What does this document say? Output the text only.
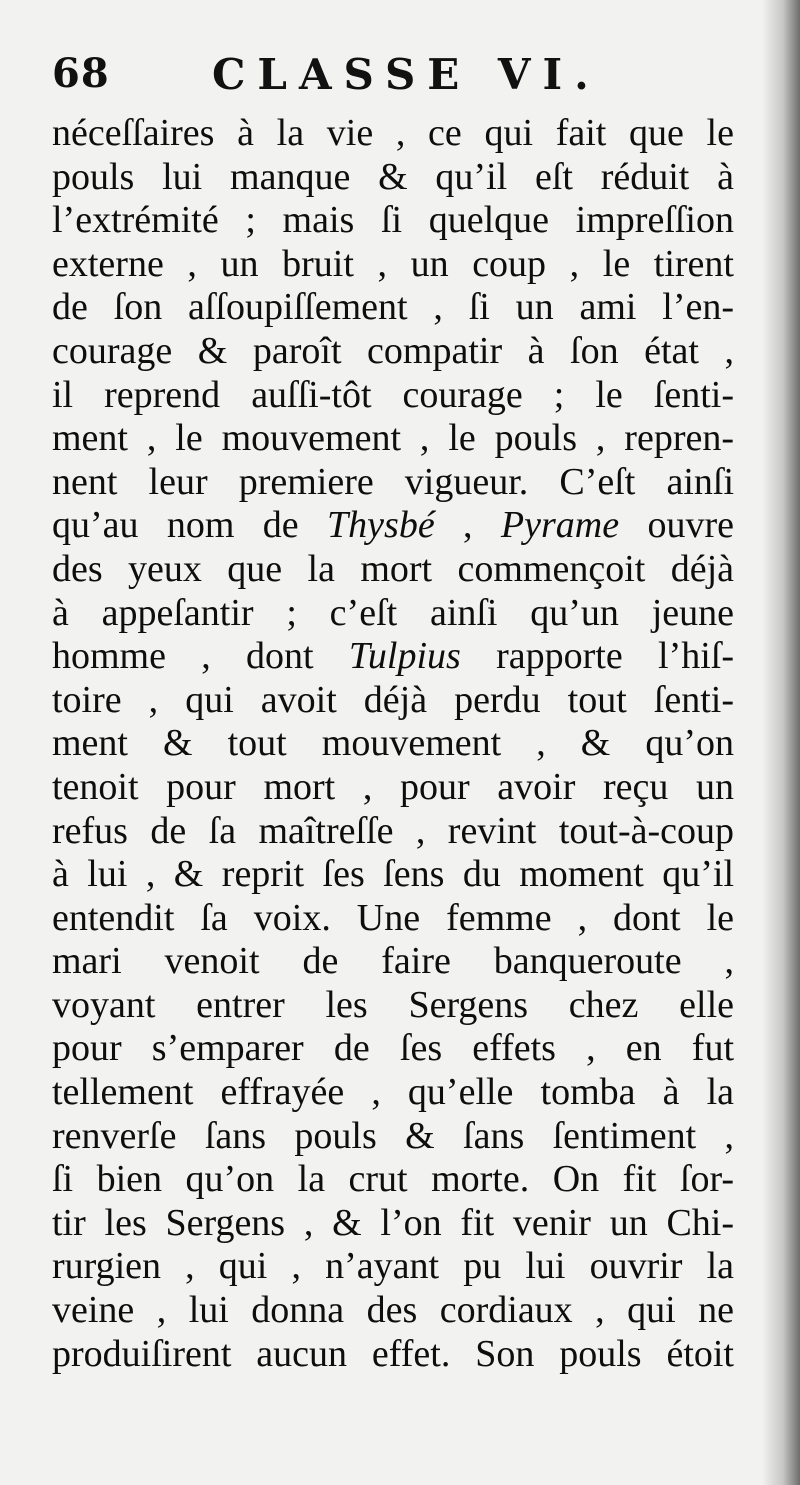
68 CLASSE VI.
néceſſaires à la vie , ce qui fait que le
pouls lui manque & qu’il eſt réduit à
l’extrémité ; mais ſi quelque impreſſion
externe , un bruit , un coup , le tirent
de ſon aſſoupiſſement , ſi un ami l’en-
courage & paroît compatir à ſon état ,
il reprend auſſi-tôt courage ; le ſenti-
ment , le mouvement , le pouls , repren-
nent leur premiere vigueur. C’eſt ainſi
qu’au nom de Thysbé , Pyrame ouvre
des yeux que la mort commençoit déjà
à appeſantir ; c’eſt ainſi qu’un jeune
homme , dont Tulpius rapporte l’hiſ-
toire , qui avoit déjà perdu tout ſenti-
ment & tout mouvement , & qu’on
tenoit pour mort , pour avoir reçu un
refus de ſa maîtreſſe , revint tout-à-coup
à lui , & reprit ſes ſens du moment qu’il
entendit ſa voix. Une femme , dont le
mari venoit de faire banqueroute ,
voyant entrer les Sergens chez elle
pour s’emparer de ſes effets , en fut
tellement effrayée , qu’elle tomba à la
renverſe ſans pouls & ſans ſentiment ,
ſi bien qu’on la crut morte. On fit ſor-
tir les Sergens , & l’on fit venir un Chi-
rurgien , qui , n’ayant pu lui ouvrir la
veine , lui donna des cordiaux , qui ne
produiſirent aucun effet. Son pouls étoit
